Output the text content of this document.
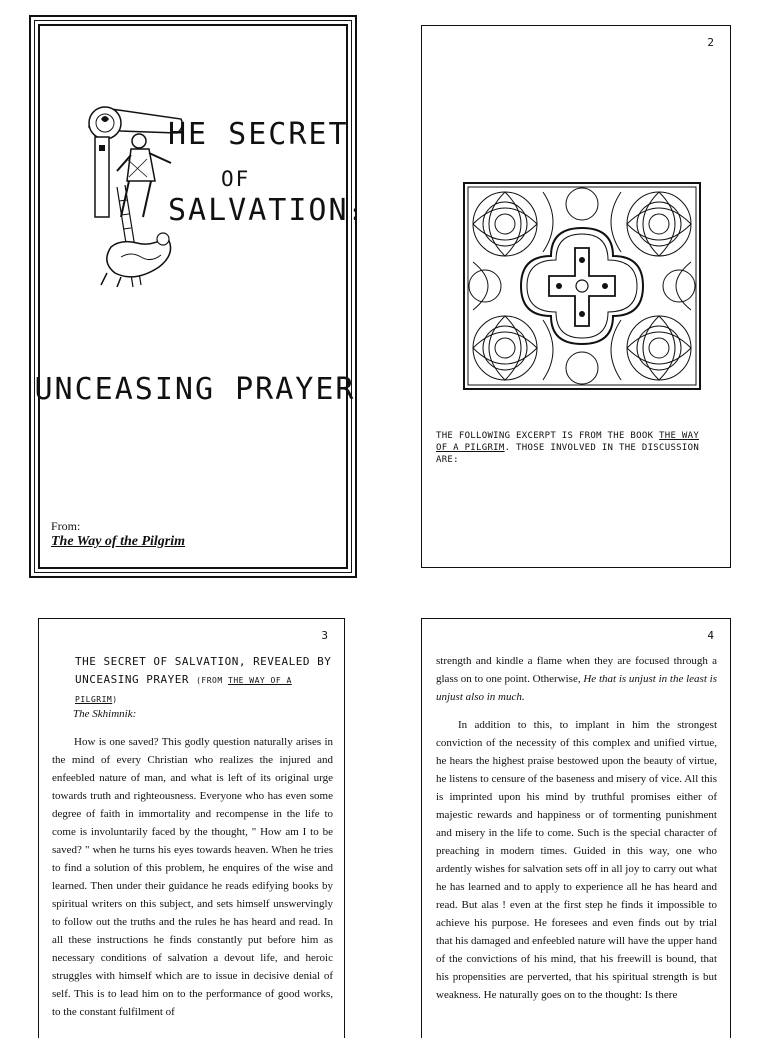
HE SECRET
OF
SALVATION:
UNCEASING PRAYER
From:
The Way of the Pilgrim
2
THE FOLLOWING EXCERPT IS FROM THE BOOK THE WAY OF A PILGRIM. THOSE INVOLVED IN THE DISCUSSION ARE:
3
THE SECRET OF SALVATION, REVEALED BY UNCEASING PRAYER (FROM THE WAY OF A PILGRIM)
The Skhimnik:

How is one saved? This godly question naturally arises in the mind of every Christian who realizes the injured and enfeebled nature of man, and what is left of its original urge towards truth and righteousness. Everyone who has even some degree of faith in immortality and recompense in the life to come is involuntarily faced by the thought, " How am I to be saved? " when he turns his eyes towards heaven. When he tries to find a solution of this problem, he enquires of the wise and learned. Then under their guidance he reads edifying books by spiritual writers on this subject, and sets himself unswervingly to follow out the truths and the rules he has heard and read. In all these instructions he finds constantly put before him as necessary conditions of salvation a devout life, and heroic struggles with himself which are to issue in decisive denial of self. This is to lead him on to the performance of good works, to the constant fulfilment of

4

strength and kindle a flame when they are focused through a glass on to one point. Otherwise, He that is unjust in the least is unjust also in much.

In addition to this, to implant in him the strongest conviction of the necessity of this complex and unified virtue, he hears the highest praise bestowed upon the beauty of virtue, he listens to censure of the baseness and misery of vice. All this is imprinted upon his mind by truthful promises either of majestic rewards and happiness or of tormenting punishment and misery in the life to come. Such is the special character of preaching in modern times. Guided in this way, one who ardently wishes for salvation sets off in all joy to carry out what he has learned and to apply to experience all he has heard and read. But alas ! even at the first step he finds it impossible to achieve his purpose. He foresees and even finds out by trial that his damaged and enfeebled nature will have the upper hand of the convictions of his mind, that his freewill is bound, that his propensities are perverted, that his spiritual strength is but weakness. He naturally goes on to the thought: Is there
